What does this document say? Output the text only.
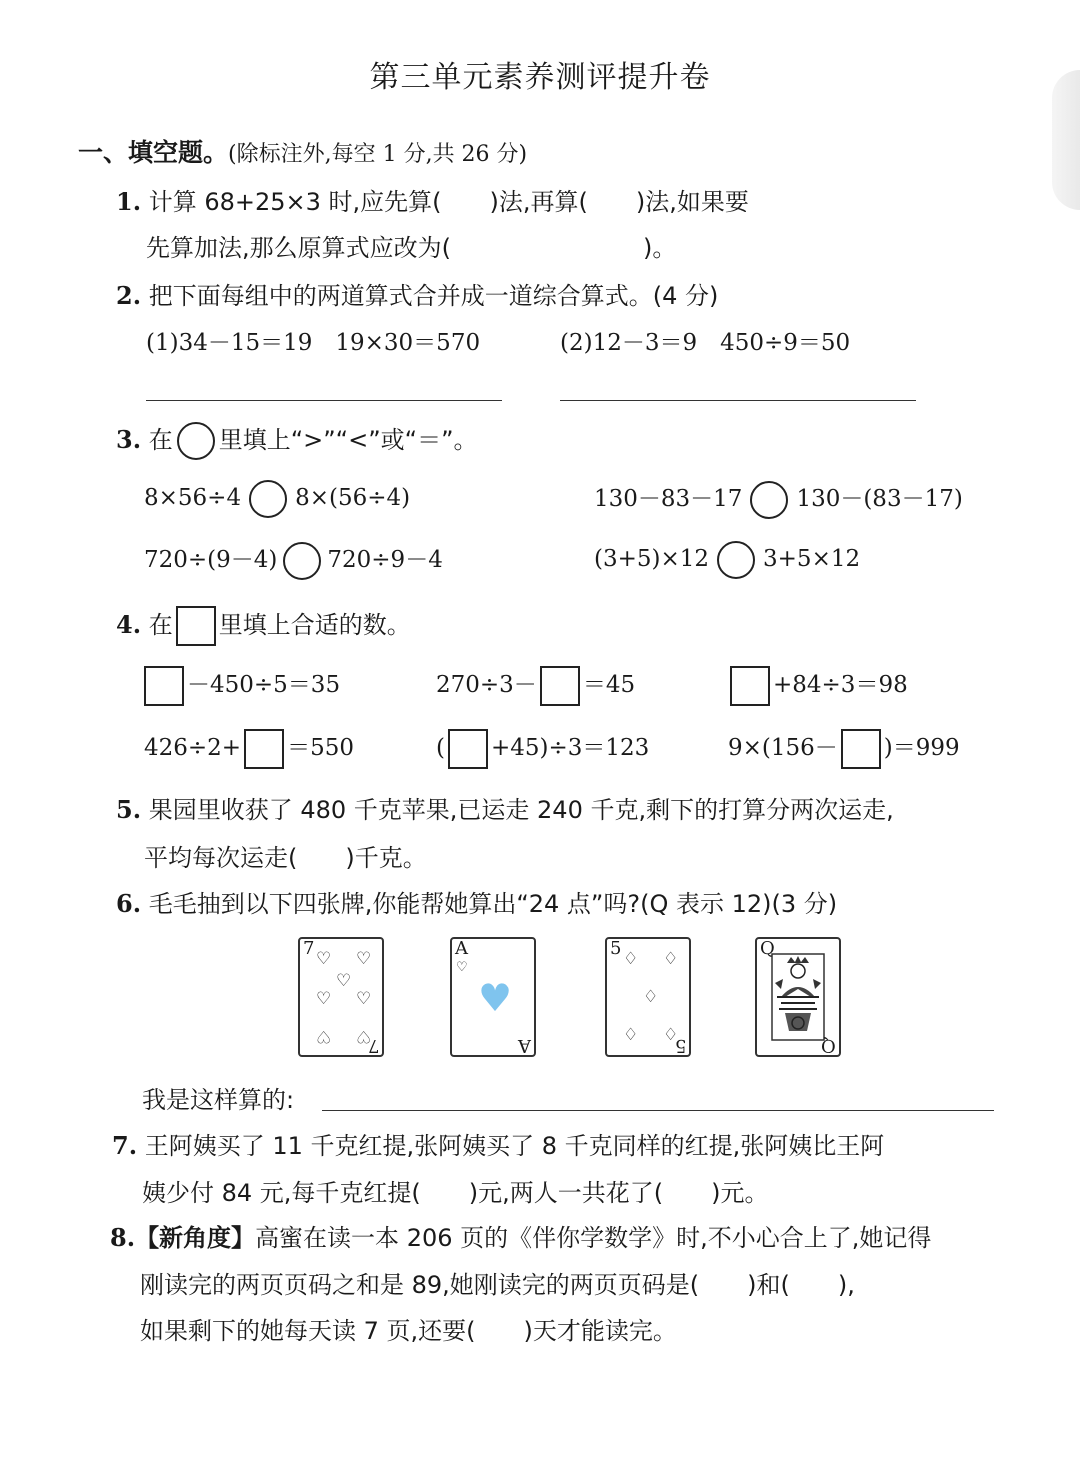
第三单元素养测评提升卷
一、填空题。(除标注外,每空 1 分,共 26 分)
1. 计算 68+25×3 时,应先算(　　)法,再算(　　)法,如果要
先算加法,那么原算式应改为(　　　　　　　　)。
2. 把下面每组中的两道算式合并成一道综合算式。(4 分)
(1)34－15＝19　19×30＝570	(2)12－3＝9　450÷9＝50
3. 在 里填上“>”“<”或“＝”。
8×56÷4 8×(56÷4)	130－83－17 130－(83－17)
720÷(9－4) 720÷9－4	(3+5)×12 3+5×12
4. 在 里填上合适的数。
－450÷5＝35	270÷3－ ＝45	+84÷3＝98
426÷2+ ＝550	( +45)÷3＝123	9×(156－ )＝999
5. 果园里收获了 480 千克苹果,已运走 240 千克,剩下的打算分两次运走,
平均每次运走(　　)千克。
6. 毛毛抽到以下四张牌,你能帮她算出“24 点”吗?(Q 表示 12)(3 分)
7 ♡ ♡
♡
♡ ♡
♡ ♡
7
A
♡
♥
A
5 ♢ ♢
♢
♢ ♢
5
Q
Q
我是这样算的:
7. 王阿姨买了 11 千克红提,张阿姨买了 8 千克同样的红提,张阿姨比王阿
姨少付 84 元,每千克红提(　　)元,两人一共花了(　　)元。
8.【新角度】高蜜在读一本 206 页的《伴你学数学》时,不小心合上了,她记得
刚读完的两页页码之和是 89,她刚读完的两页页码是(　　)和(　　),
如果剩下的她每天读 7 页,还要(　　)天才能读完。
